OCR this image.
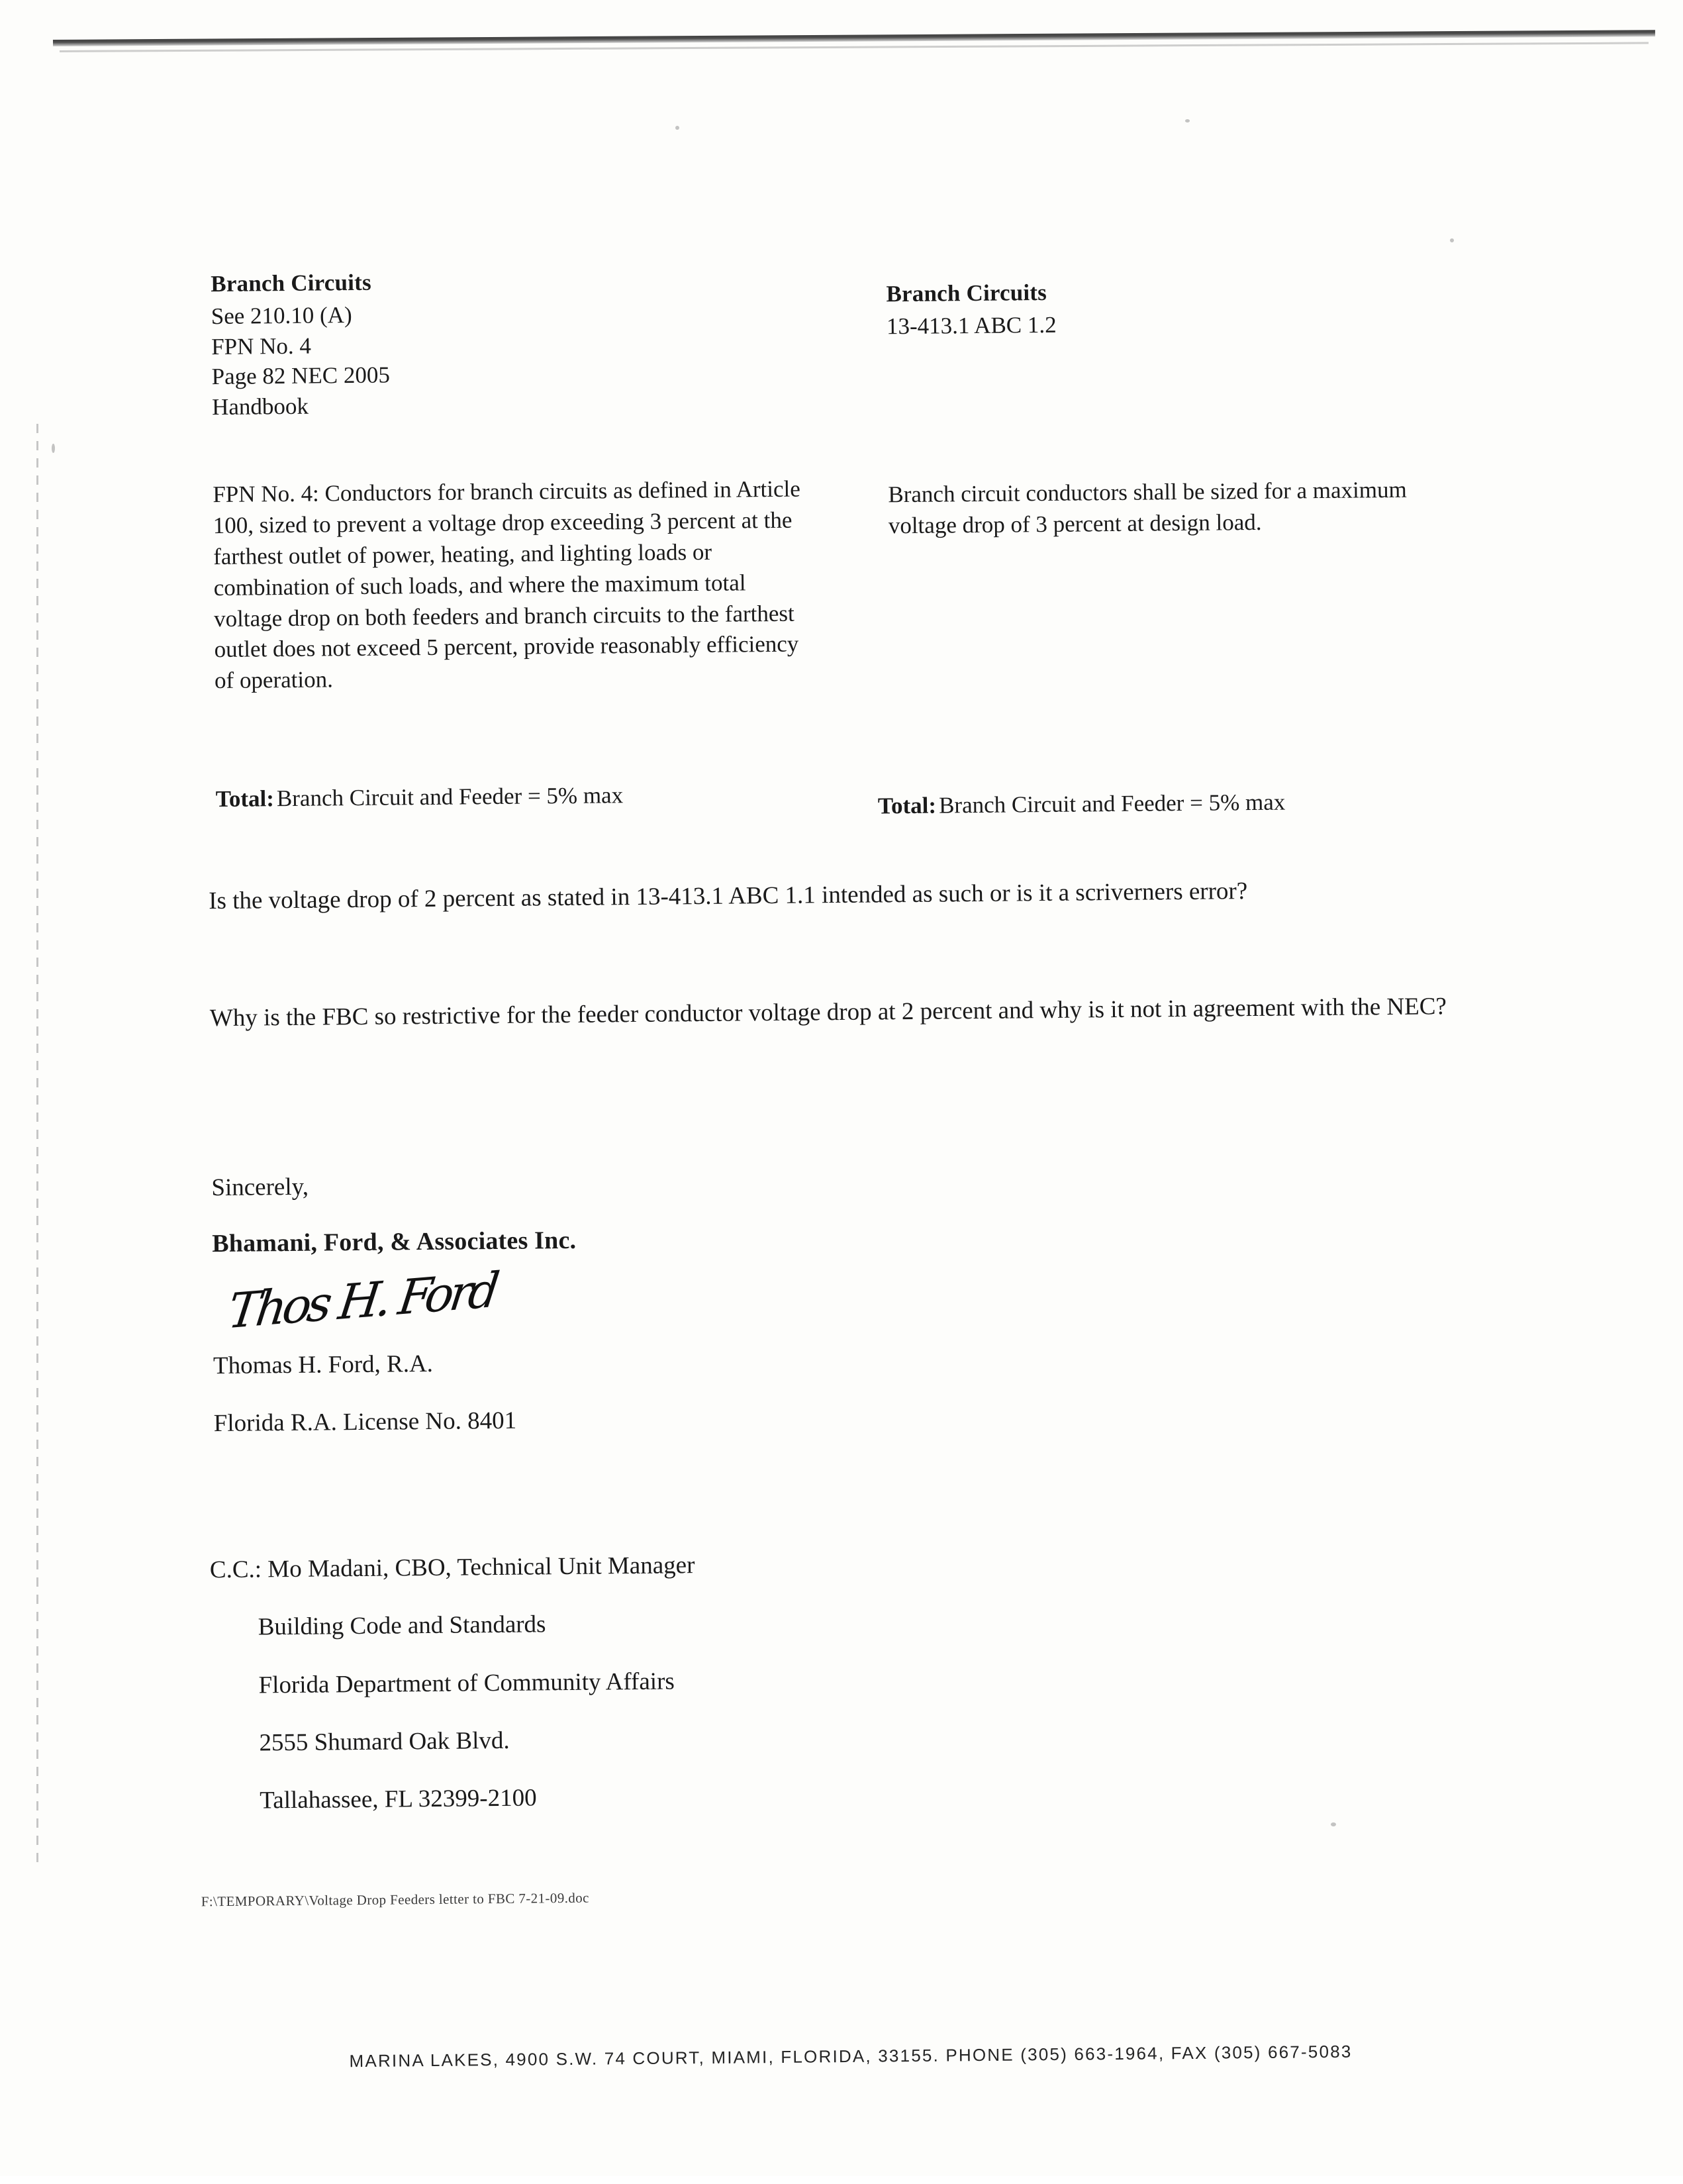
Branch Circuits

See 210.10 (A)

FPN No. 4

Page 82 NEC 2005

Handbook

Branch Circuits

13-413.1 ABC 1.2

FPN No. 4: Conductors for branch circuits as defined in Article 100, sized to prevent a voltage drop exceeding 3 percent at the farthest outlet of power, heating, and lighting loads or combination of such loads, and where the maximum total voltage drop on both feeders and branch circuits to the farthest outlet does not exceed 5 percent, provide reasonably efficiency of operation.

Branch circuit conductors shall be sized for a maximum voltage drop of 3 percent at design load.

Total: Branch Circuit and Feeder = 5% max	Total: Branch Circuit and Feeder = 5% max

Is the voltage drop of 2 percent as stated in 13-413.1 ABC 1.1 intended as such or is it a scriverners error?

Why is the FBC so restrictive for the feeder conductor voltage drop at 2 percent and why is it not in agreement with the NEC?

Sincerely,

Bhamani, Ford, & Associates Inc.

Thos H. Ford

Thomas H. Ford, R.A.

Florida R.A. License No. 8401

C.C.: Mo Madani, CBO, Technical Unit Manager

Building Code and Standards

Florida Department of Community Affairs

2555 Shumard Oak Blvd.

Tallahassee, FL 32399-2100

F:\TEMPORARY\Voltage Drop Feeders letter to FBC 7-21-09.doc
MARINA LAKES, 4900 S.W. 74 COURT, MIAMI, FLORIDA, 33155. PHONE (305) 663-1964, FAX (305) 667-5083
